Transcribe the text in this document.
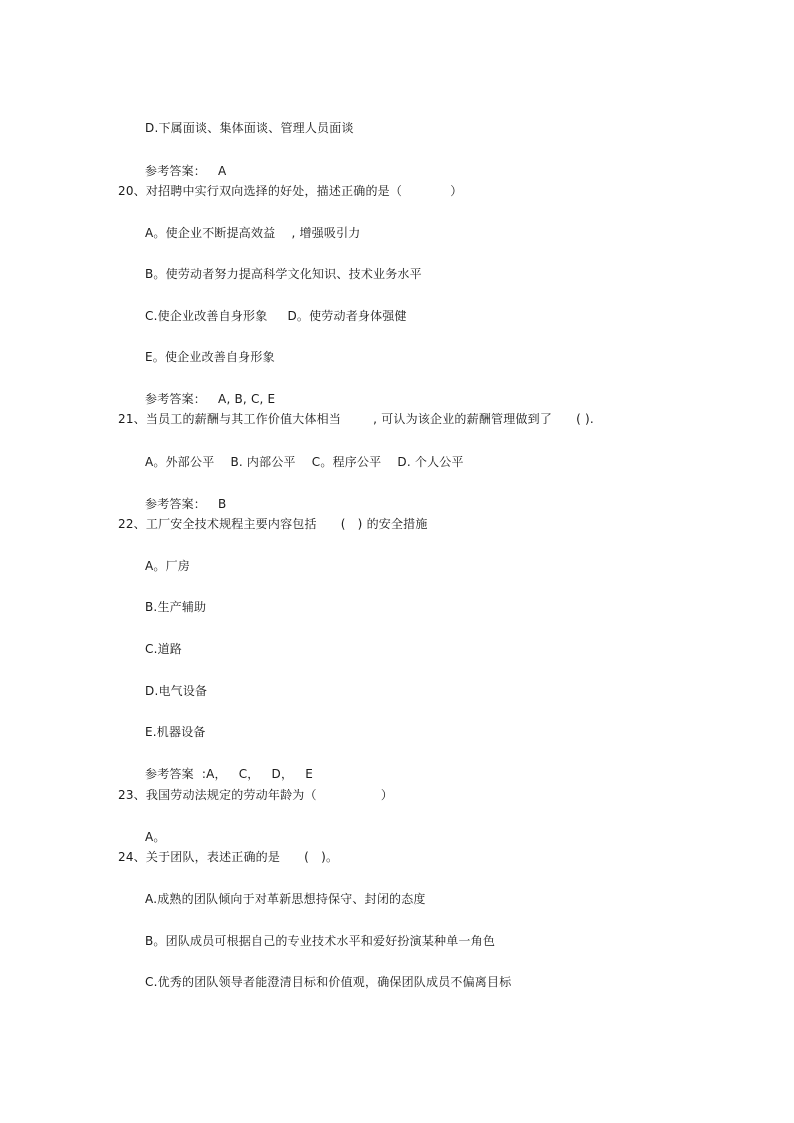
D.下属面谈、集体面谈、管理人员面谈
参考答案：   A
20、对招聘中实行双向选择的好处，描述正确的是（            ）
A。使企业不断提高效益    , 增强吸引力
B。使劳动者努力提高科学文化知识、技术业务水平
C.使企业改善自身形象     D。使劳动者身体强健
E。使企业改善自身形象
参考答案：   A, B, C, E
21、当员工的薪酬与其工作价值大体相当        , 可认为该企业的薪酬管理做到了      ( ).
A。外部公平    B. 内部公平    C。程序公平    D. 个人公平
参考答案：   B
22、工厂安全技术规程主要内容包括      (   ) 的安全措施
A。厂房
B.生产辅助
C.道路
D.电气设备
E.机器设备
参考答案  :A，   C，   D，   E
23、我国劳动法规定的劳动年龄为（                ）
A。
24、关于团队，表述正确的是      (   )。
A.成熟的团队倾向于对革新思想持保守、封闭的态度
B。团队成员可根据自己的专业技术水平和爱好扮演某种单一角色
C.优秀的团队领导者能澄清目标和价值观，确保团队成员不偏离目标
